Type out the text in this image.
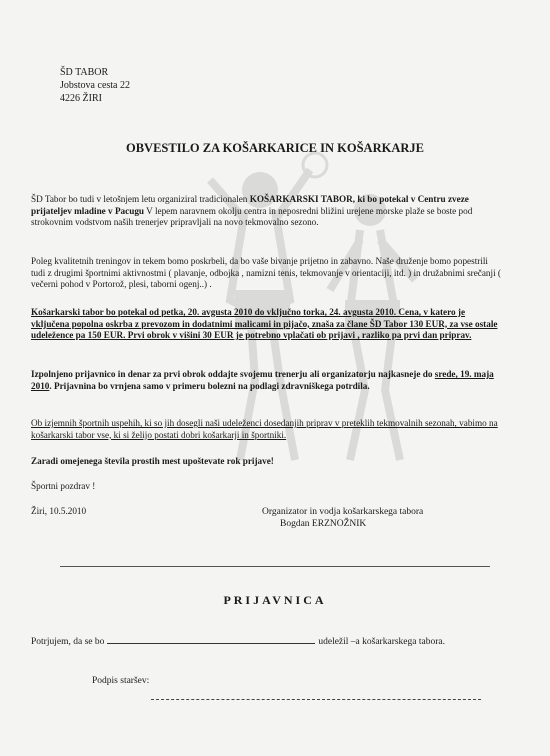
ŠD TABOR
Jobstova cesta 22
4226 ŽIRI
OBVESTILO ZA KOŠARKARICE IN KOŠARKARJE
ŠD Tabor bo tudi v letošnjem letu organiziral tradicionalen KOŠARKARSKI TABOR, ki bo potekal v Centru zveze prijateljev mladine v Pacugu V lepem naravnem okolju centra in neposredni bližini urejene morske plaže se boste pod strokovnim vodstvom naših trenerjev pripravljali na novo tekmovalno sezono.
Poleg kvalitetnih treningov in tekem bomo poskrbeli, da bo vaše bivanje prijetno in zabavno. Naše druženje bomo popestrili tudi z drugimi športnimi aktivnostmi ( plavanje, odbojka , namizni tenis, tekmovanje v orientaciji, itd. ) in družabnimi srečanji ( večerni pohod v Portorož, plesi, taborni ogenj..) .
Košarkarski tabor bo potekal od petka, 20. avgusta 2010 do vključno torka, 24. avgusta 2010. Cena, v katero je vključena popolna oskrba z prevozom in dodatnimi malicami in pijačo, znaša za člane ŠD Tabor 130 EUR, za vse ostale udeležence pa 150 EUR. Prvi obrok v višini 30 EUR je potrebno vplačati ob prijavi , razliko pa prvi dan priprav.
Izpolnjeno prijavnico in denar za prvi obrok oddajte svojemu trenerju ali organizatorju najkasneje do srede, 19. maja 2010. Prijavnina bo vrnjena samo v primeru bolezni na podlagi zdravniškega potrdila.
Ob izjemnih športnih uspehih, ki so jih dosegli naši udeleženci dosedanjih priprav v preteklih tekmovalnih sezonah, vabimo na košarkarski tabor vse, ki si želijo postati dobri košarkarji in športniki.
Zaradi omejenega števila prostih mest upoštevate rok prijave!
Športni pozdrav !
Žiri, 10.5.2010	Organizator in vodja košarkarskega tabora
Bogdan ERZNOŽNIK
PRIJAVNICA
Potrjujem, da se bo	udeležil –a košarkarskega tabora.
Podpis staršev:
